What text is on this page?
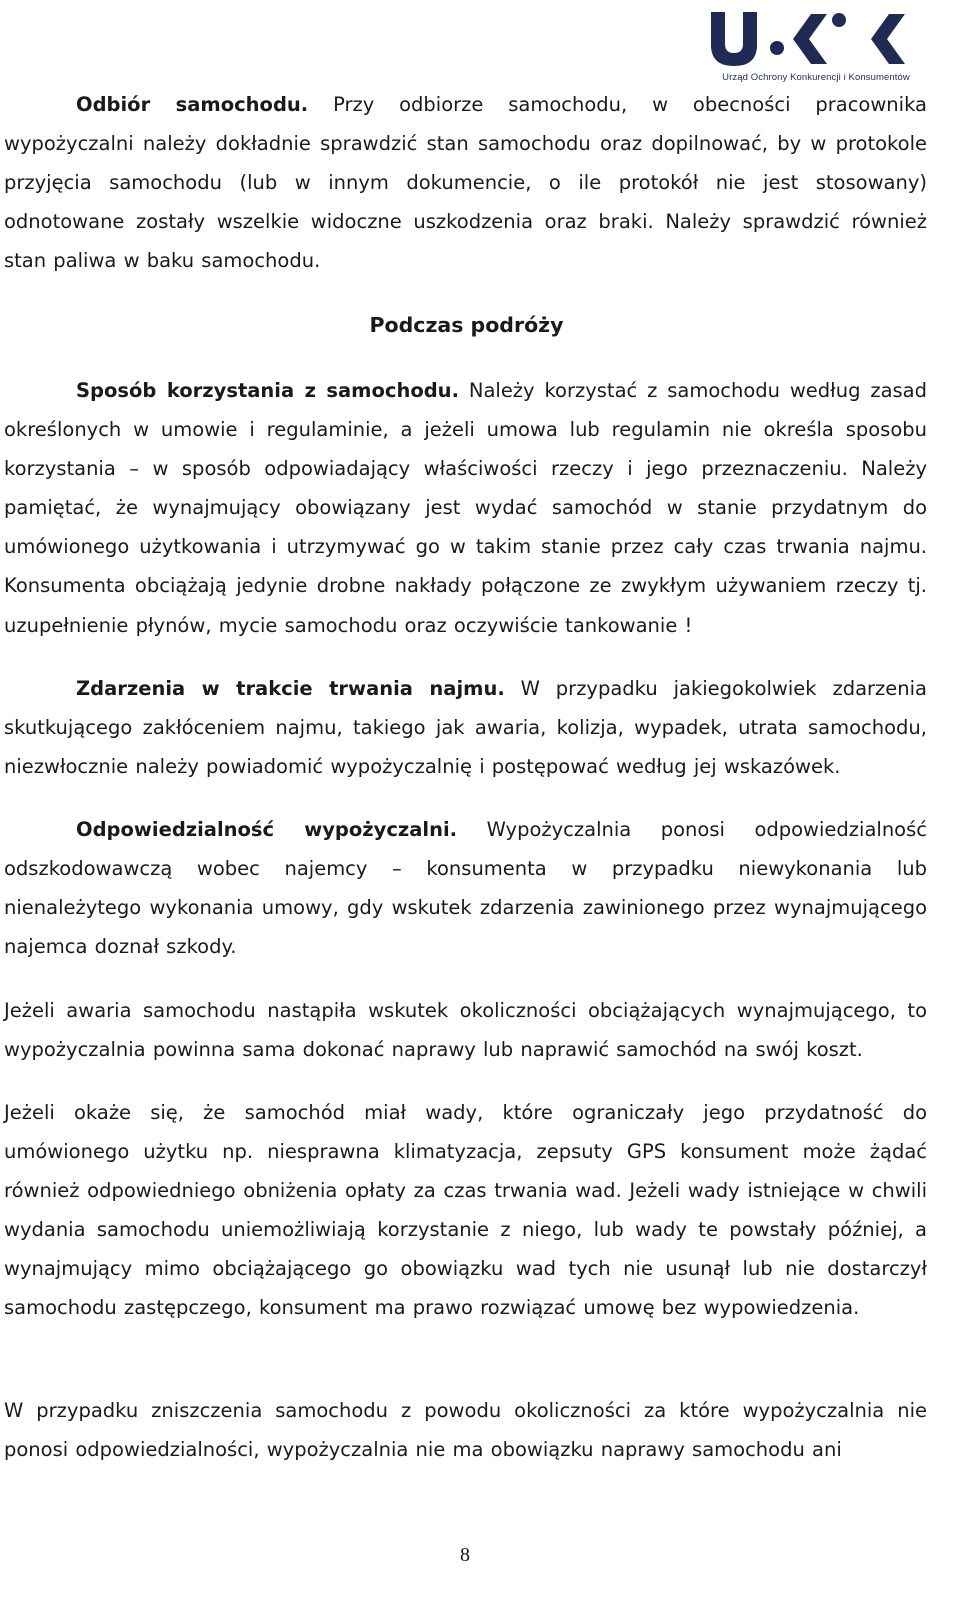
Urząd Ochrony Konkurencji i Konsumentów
Odbiór samochodu. Przy odbiorze samochodu, w obecności pracownika wypożyczalni należy dokładnie sprawdzić stan samochodu oraz dopilnować, by w protokole przyjęcia samochodu (lub w innym dokumencie, o ile protokół nie jest stosowany) odnotowane zostały wszelkie widoczne uszkodzenia oraz braki. Należy sprawdzić również stan paliwa w baku samochodu.
Podczas podróży
Sposób korzystania z samochodu. Należy korzystać z samochodu według zasad określonych w umowie i regulaminie, a jeżeli umowa lub regulamin nie określa sposobu korzystania – w sposób odpowiadający właściwości rzeczy i jego przeznaczeniu. Należy pamiętać, że wynajmujący obowiązany jest wydać samochód w stanie przydatnym do umówionego użytkowania i utrzymywać go w takim stanie przez cały czas trwania najmu. Konsumenta obciążają jedynie drobne nakłady połączone ze zwykłym używaniem rzeczy tj. uzupełnienie płynów, mycie samochodu oraz oczywiście tankowanie !
Zdarzenia w trakcie trwania najmu. W przypadku jakiegokolwiek zdarzenia skutkującego zakłóceniem najmu, takiego jak awaria, kolizja, wypadek, utrata samochodu, niezwłocznie należy powiadomić wypożyczalnię i postępować według jej wskazówek.
Odpowiedzialność wypożyczalni. Wypożyczalnia ponosi odpowiedzialność odszkodowawczą wobec najemcy – konsumenta w przypadku niewykonania lub nienależytego wykonania umowy, gdy wskutek zdarzenia zawinionego przez wynajmującego najemca doznał szkody.
Jeżeli awaria samochodu nastąpiła wskutek okoliczności obciążających wynajmującego, to wypożyczalnia powinna sama dokonać naprawy lub naprawić samochód na swój koszt.
Jeżeli okaże się, że samochód miał wady, które ograniczały jego przydatność do umówionego użytku np. niesprawna klimatyzacja, zepsuty GPS konsument może żądać również odpowiedniego obniżenia opłaty za czas trwania wad. Jeżeli wady istniejące w chwili wydania samochodu uniemożliwiają korzystanie z niego, lub wady te powstały później, a wynajmujący mimo obciążającego go obowiązku wad tych nie usunął lub nie dostarczył samochodu zastępczego, konsument ma prawo rozwiązać umowę bez wypowiedzenia.
W przypadku zniszczenia samochodu z powodu okoliczności za które wypożyczalnia nie ponosi odpowiedzialności, wypożyczalnia nie ma obowiązku naprawy samochodu ani
8
